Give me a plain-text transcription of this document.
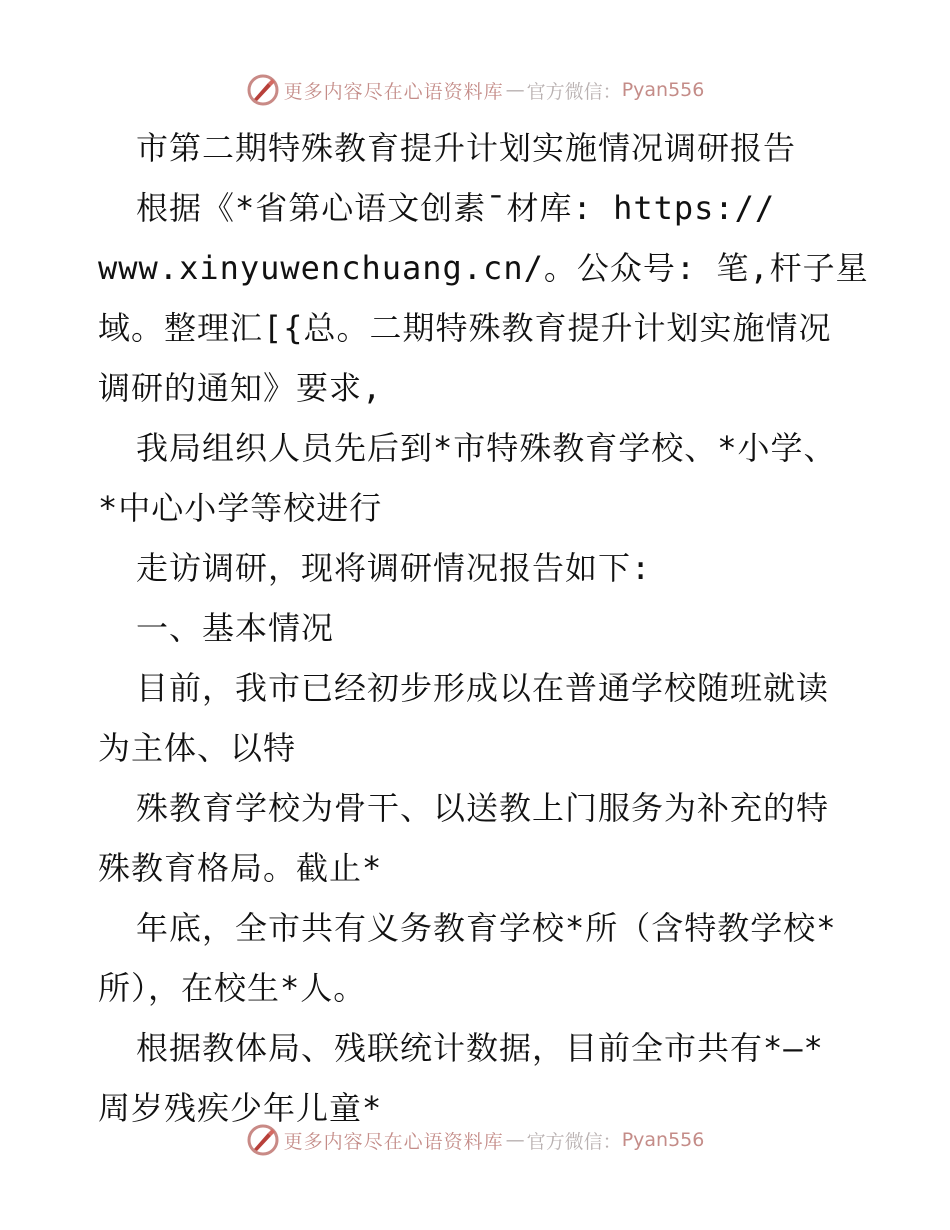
更多内容尽在心语资料库 — 官方微信： Pyan556
市第二期特殊教育提升计划实施情况调研报告
根据《*省第心语文创素¯材库: https://
www.xinyuwenchuang.cn/。公众号: 笔,杆子星
域。整理汇[{总。二期特殊教育提升计划实施情况
调研的通知》要求,
我局组织人员先后到*市特殊教育学校、*小学、
*中心小学等校进行
走访调研，现将调研情况报告如下:
一、基本情况
目前，我市已经初步形成以在普通学校随班就读
为主体、以特
殊教育学校为骨干、以送教上门服务为补充的特
殊教育格局。截止*
年底，全市共有义务教育学校*所（含特教学校*
所），在校生*人。
根据教体局、残联统计数据，目前全市共有*—*
周岁残疾少年儿童*
更多内容尽在心语资料库 — 官方微信： Pyan556
